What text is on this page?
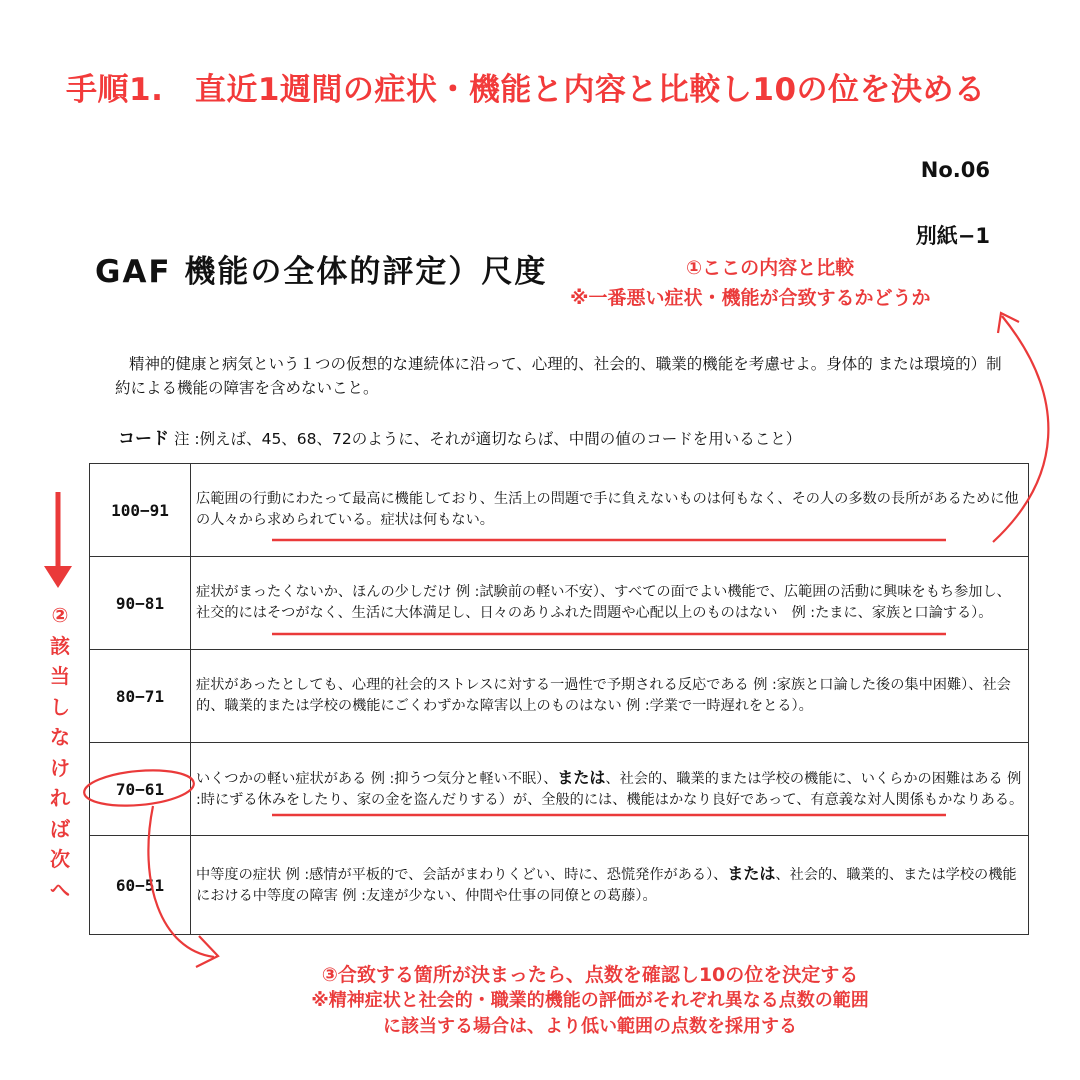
手順1.　直近1週間の症状・機能と内容と比較し10の位を決める
No.06
別紙−1
GAF 機能の全体的評定）尺度	①ここの内容と比較
※一番悪い症状・機能が合致するかどうか

精神的健康と病気という１つの仮想的な連続体に沿って、心理的、社会的、職業的機能を考慮せよ。身体的 または環境的）制約による機能の障害を含めないこと。

コード 注 :例えば、45、68、72のように、それが適切ならば、中間の値のコードを用いること）
100−91	広範囲の行動にわたって最高に機能しており、生活上の問題で手に負えないものは何もなく、その人の多数の長所があるために他の人々から求められている。症状は何もない。
90−81	症状がまったくないか、ほんの少しだけ 例 :試験前の軽い不安）、すべての面でよい機能で、広範囲の活動に興味をもち参加し、社交的にはそつがなく、生活に大体満足し、日々のありふれた問題や心配以上のものはない　例 :たまに、家族と口論する）。
80−71	症状があったとしても、心理的社会的ストレスに対する一過性で予期される反応である 例 :家族と口論した後の集中困難）、社会的、職業的または学校の機能にごくわずかな障害以上のものはない 例 :学業で一時遅れをとる）。
70−61	いくつかの軽い症状がある 例 :抑うつ気分と軽い不眠）、または、社会的、職業的または学校の機能に、いくらかの困難はある 例 :時にずる休みをしたり、家の金を盗んだりする）が、全般的には、機能はかなり良好であって、有意義な対人関係もかなりある。
60−51	中等度の症状 例 :感情が平板的で、会話がまわりくどい、時に、恐慌発作がある）、または、社会的、職業的、または学校の機能における中等度の障害 例 :友達が少ない、仲間や仕事の同僚との葛藤）。
②
該
当
し
な
け
れ
ば
次
へ
③合致する箇所が決まったら、点数を確認し10の位を決定する
※精神症状と社会的・職業的機能の評価がそれぞれ異なる点数の範囲
に該当する場合は、より低い範囲の点数を採用する
